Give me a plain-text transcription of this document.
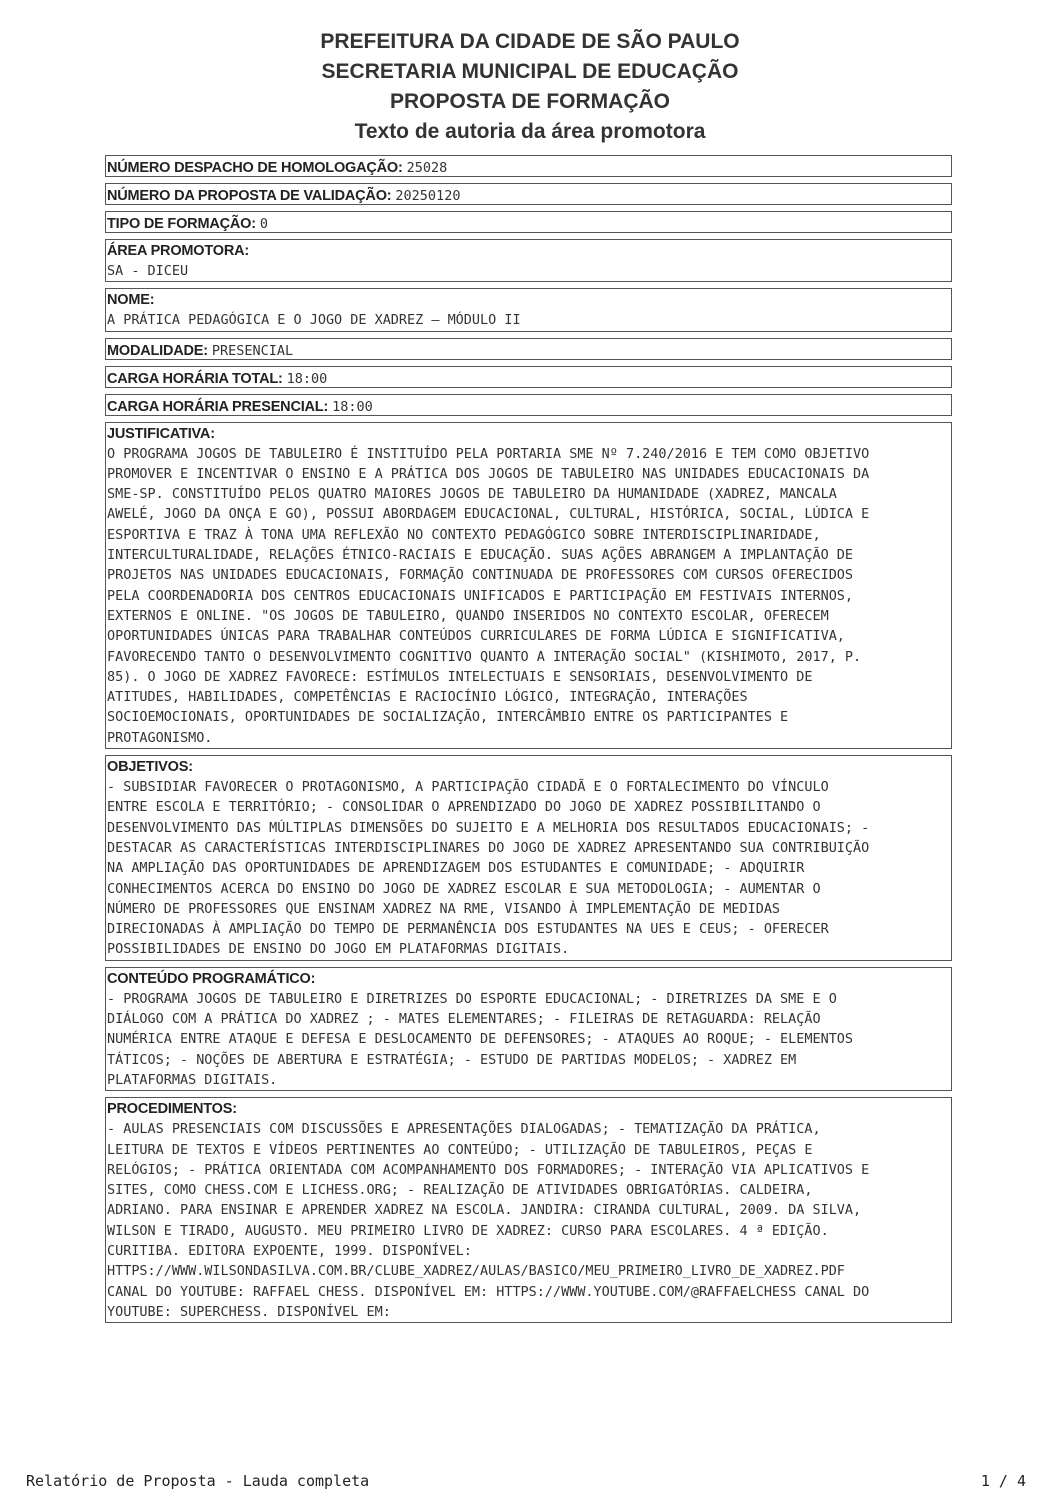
PREFEITURA DA CIDADE DE SÃO PAULO
SECRETARIA MUNICIPAL DE EDUCAÇÃO
PROPOSTA DE FORMAÇÃO
Texto de autoria da área promotora
NÚMERO DESPACHO DE HOMOLOGAÇÃO: 25028
NÚMERO DA PROPOSTA DE VALIDAÇÃO: 20250120
TIPO DE FORMAÇÃO: 0
ÁREA PROMOTORA:
SA - DICEU
NOME:
A PRÁTICA PEDAGÓGICA E O JOGO DE XADREZ – MÓDULO II
MODALIDADE: PRESENCIAL
CARGA HORÁRIA TOTAL: 18:00
CARGA HORÁRIA PRESENCIAL: 18:00
JUSTIFICATIVA:
O PROGRAMA JOGOS DE TABULEIRO É INSTITUÍDO PELA PORTARIA SME Nº 7.240/2016 E TEM COMO OBJETIVO
PROMOVER E INCENTIVAR O ENSINO E A PRÁTICA DOS JOGOS DE TABULEIRO NAS UNIDADES EDUCACIONAIS DA
SME-SP. CONSTITUÍDO PELOS QUATRO MAIORES JOGOS DE TABULEIRO DA HUMANIDADE (XADREZ, MANCALA
AWELÉ, JOGO DA ONÇA E GO), POSSUI ABORDAGEM EDUCACIONAL, CULTURAL, HISTÓRICA, SOCIAL, LÚDICA E
ESPORTIVA E TRAZ À TONA UMA REFLEXÃO NO CONTEXTO PEDAGÓGICO SOBRE INTERDISCIPLINARIDADE,
INTERCULTURALIDADE, RELAÇÕES ÉTNICO-RACIAIS E EDUCAÇÃO. SUAS AÇÕES ABRANGEM A IMPLANTAÇÃO DE
PROJETOS NAS UNIDADES EDUCACIONAIS, FORMAÇÃO CONTINUADA DE PROFESSORES COM CURSOS OFERECIDOS
PELA COORDENADORIA DOS CENTROS EDUCACIONAIS UNIFICADOS E PARTICIPAÇÃO EM FESTIVAIS INTERNOS,
EXTERNOS E ONLINE. "OS JOGOS DE TABULEIRO, QUANDO INSERIDOS NO CONTEXTO ESCOLAR, OFERECEM
OPORTUNIDADES ÚNICAS PARA TRABALHAR CONTEÚDOS CURRICULARES DE FORMA LÚDICA E SIGNIFICATIVA,
FAVORECENDO TANTO O DESENVOLVIMENTO COGNITIVO QUANTO A INTERAÇÃO SOCIAL" (KISHIMOTO, 2017, P.
85). O JOGO DE XADREZ FAVORECE: ESTÍMULOS INTELECTUAIS E SENSORIAIS, DESENVOLVIMENTO DE
ATITUDES, HABILIDADES, COMPETÊNCIAS E RACIOCÍNIO LÓGICO, INTEGRAÇÃO, INTERAÇÕES
SOCIOEMOCIONAIS, OPORTUNIDADES DE SOCIALIZAÇÃO, INTERCÂMBIO ENTRE OS PARTICIPANTES E
PROTAGONISMO.
OBJETIVOS:
- SUBSIDIAR FAVORECER O PROTAGONISMO, A PARTICIPAÇÃO CIDADÃ E O FORTALECIMENTO DO VÍNCULO
ENTRE ESCOLA E TERRITÓRIO; - CONSOLIDAR O APRENDIZADO DO JOGO DE XADREZ POSSIBILITANDO O
DESENVOLVIMENTO DAS MÚLTIPLAS DIMENSÕES DO SUJEITO E A MELHORIA DOS RESULTADOS EDUCACIONAIS; -
DESTACAR AS CARACTERÍSTICAS INTERDISCIPLINARES DO JOGO DE XADREZ APRESENTANDO SUA CONTRIBUIÇÃO
NA AMPLIAÇÃO DAS OPORTUNIDADES DE APRENDIZAGEM DOS ESTUDANTES E COMUNIDADE; - ADQUIRIR
CONHECIMENTOS ACERCA DO ENSINO DO JOGO DE XADREZ ESCOLAR E SUA METODOLOGIA; - AUMENTAR O
NÚMERO DE PROFESSORES QUE ENSINAM XADREZ NA RME, VISANDO À IMPLEMENTAÇÃO DE MEDIDAS
DIRECIONADAS À AMPLIAÇÃO DO TEMPO DE PERMANÊNCIA DOS ESTUDANTES NA UES E CEUS; - OFERECER
POSSIBILIDADES DE ENSINO DO JOGO EM PLATAFORMAS DIGITAIS.
CONTEÚDO PROGRAMÁTICO:
- PROGRAMA JOGOS DE TABULEIRO E DIRETRIZES DO ESPORTE EDUCACIONAL; - DIRETRIZES DA SME E O
DIÁLOGO COM A PRÁTICA DO XADREZ ; - MATES ELEMENTARES; - FILEIRAS DE RETAGUARDA: RELAÇÃO
NUMÉRICA ENTRE ATAQUE E DEFESA E DESLOCAMENTO DE DEFENSORES; - ATAQUES AO ROQUE; - ELEMENTOS
TÁTICOS; - NOÇÕES DE ABERTURA E ESTRATÉGIA; - ESTUDO DE PARTIDAS MODELOS; - XADREZ EM
PLATAFORMAS DIGITAIS.
PROCEDIMENTOS:
- AULAS PRESENCIAIS COM DISCUSSÕES E APRESENTAÇÕES DIALOGADAS; - TEMATIZAÇÃO DA PRÁTICA,
LEITURA DE TEXTOS E VÍDEOS PERTINENTES AO CONTEÚDO; - UTILIZAÇÃO DE TABULEIROS, PEÇAS E
RELÓGIOS; - PRÁTICA ORIENTADA COM ACOMPANHAMENTO DOS FORMADORES; - INTERAÇÃO VIA APLICATIVOS E
SITES, COMO CHESS.COM E LICHESS.ORG; - REALIZAÇÃO DE ATIVIDADES OBRIGATÓRIAS. CALDEIRA,
ADRIANO. PARA ENSINAR E APRENDER XADREZ NA ESCOLA. JANDIRA: CIRANDA CULTURAL, 2009. DA SILVA,
WILSON E TIRADO, AUGUSTO. MEU PRIMEIRO LIVRO DE XADREZ: CURSO PARA ESCOLARES. 4 ª EDIÇÃO.
CURITIBA. EDITORA EXPOENTE, 1999. DISPONÍVEL:
HTTPS://WWW.WILSONDASILVA.COM.BR/CLUBE_XADREZ/AULAS/BASICO/MEU_PRIMEIRO_LIVRO_DE_XADREZ.PDF
CANAL DO YOUTUBE: RAFFAEL CHESS. DISPONÍVEL EM: HTTPS://WWW.YOUTUBE.COM/@RAFFAELCHESS CANAL DO
YOUTUBE: SUPERCHESS. DISPONÍVEL EM:
Relatório de Proposta - Lauda completa	1 / 4
